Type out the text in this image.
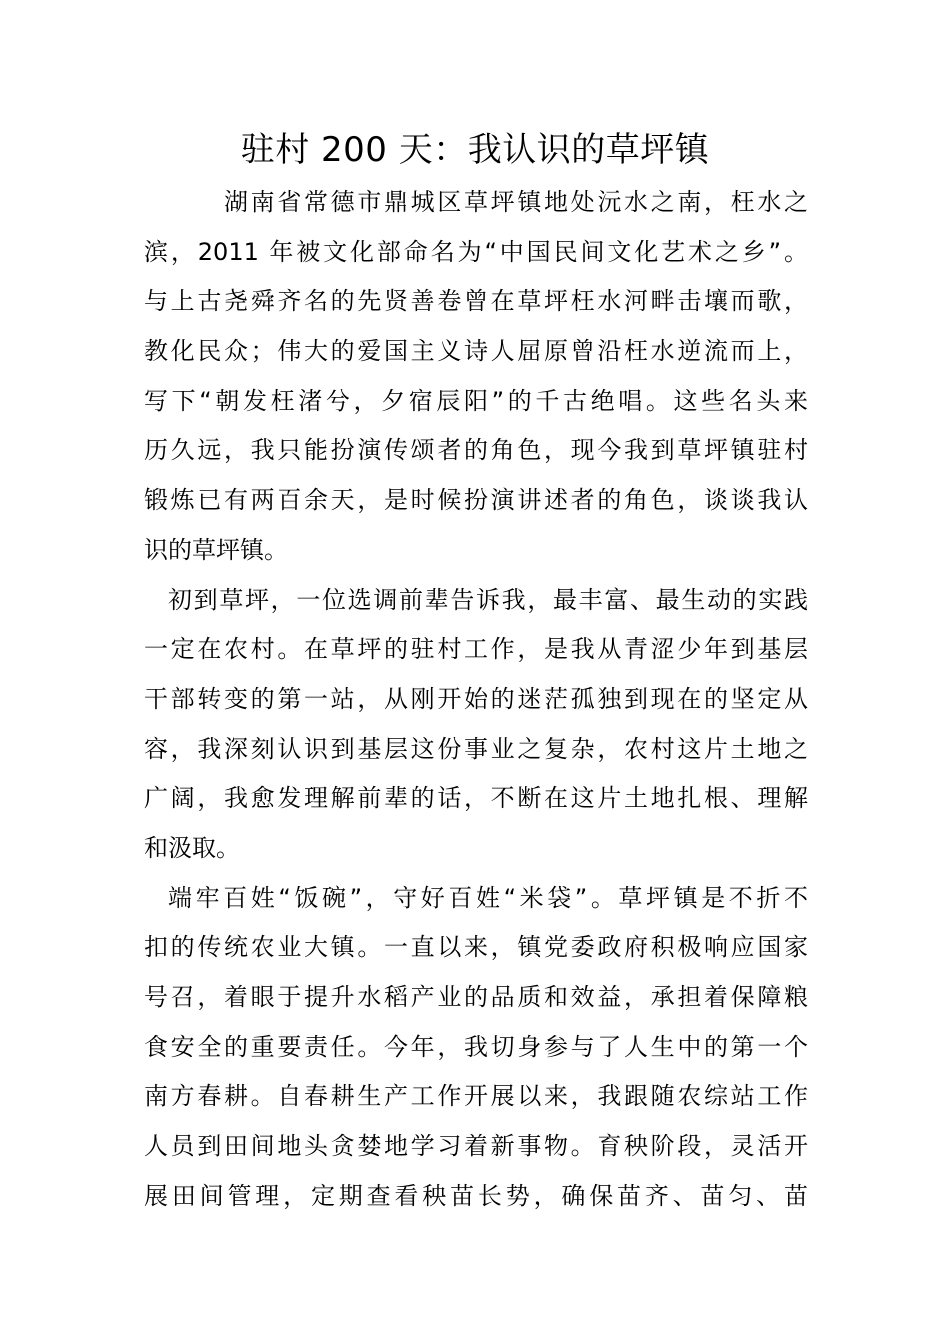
驻村 200 天：我认识的草坪镇
湖南省常德市鼎城区草坪镇地处沅水之南，枉水之
滨，2011 年被文化部命名为“中国民间文化艺术之乡”。
与上古尧舜齐名的先贤善卷曾在草坪枉水河畔击壤而歌，
教化民众；伟大的爱国主义诗人屈原曾沿枉水逆流而上，
写下“朝发枉渚兮，夕宿辰阳”的千古绝唱。这些名头来
历久远，我只能扮演传颂者的角色，现今我到草坪镇驻村
锻炼已有两百余天，是时候扮演讲述者的角色，谈谈我认
识的草坪镇。
初到草坪，一位选调前辈告诉我，最丰富、最生动的实践
一定在农村。在草坪的驻村工作，是我从青涩少年到基层
干部转变的第一站，从刚开始的迷茫孤独到现在的坚定从
容，我深刻认识到基层这份事业之复杂，农村这片土地之
广阔，我愈发理解前辈的话，不断在这片土地扎根、理解
和汲取。
端牢百姓“饭碗”，守好百姓“米袋”。草坪镇是不折不
扣的传统农业大镇。一直以来，镇党委政府积极响应国家
号召，着眼于提升水稻产业的品质和效益，承担着保障粮
食安全的重要责任。今年，我切身参与了人生中的第一个
南方春耕。自春耕生产工作开展以来，我跟随农综站工作
人员到田间地头贪婪地学习着新事物。育秧阶段，灵活开
展田间管理，定期查看秧苗长势，确保苗齐、苗匀、苗
